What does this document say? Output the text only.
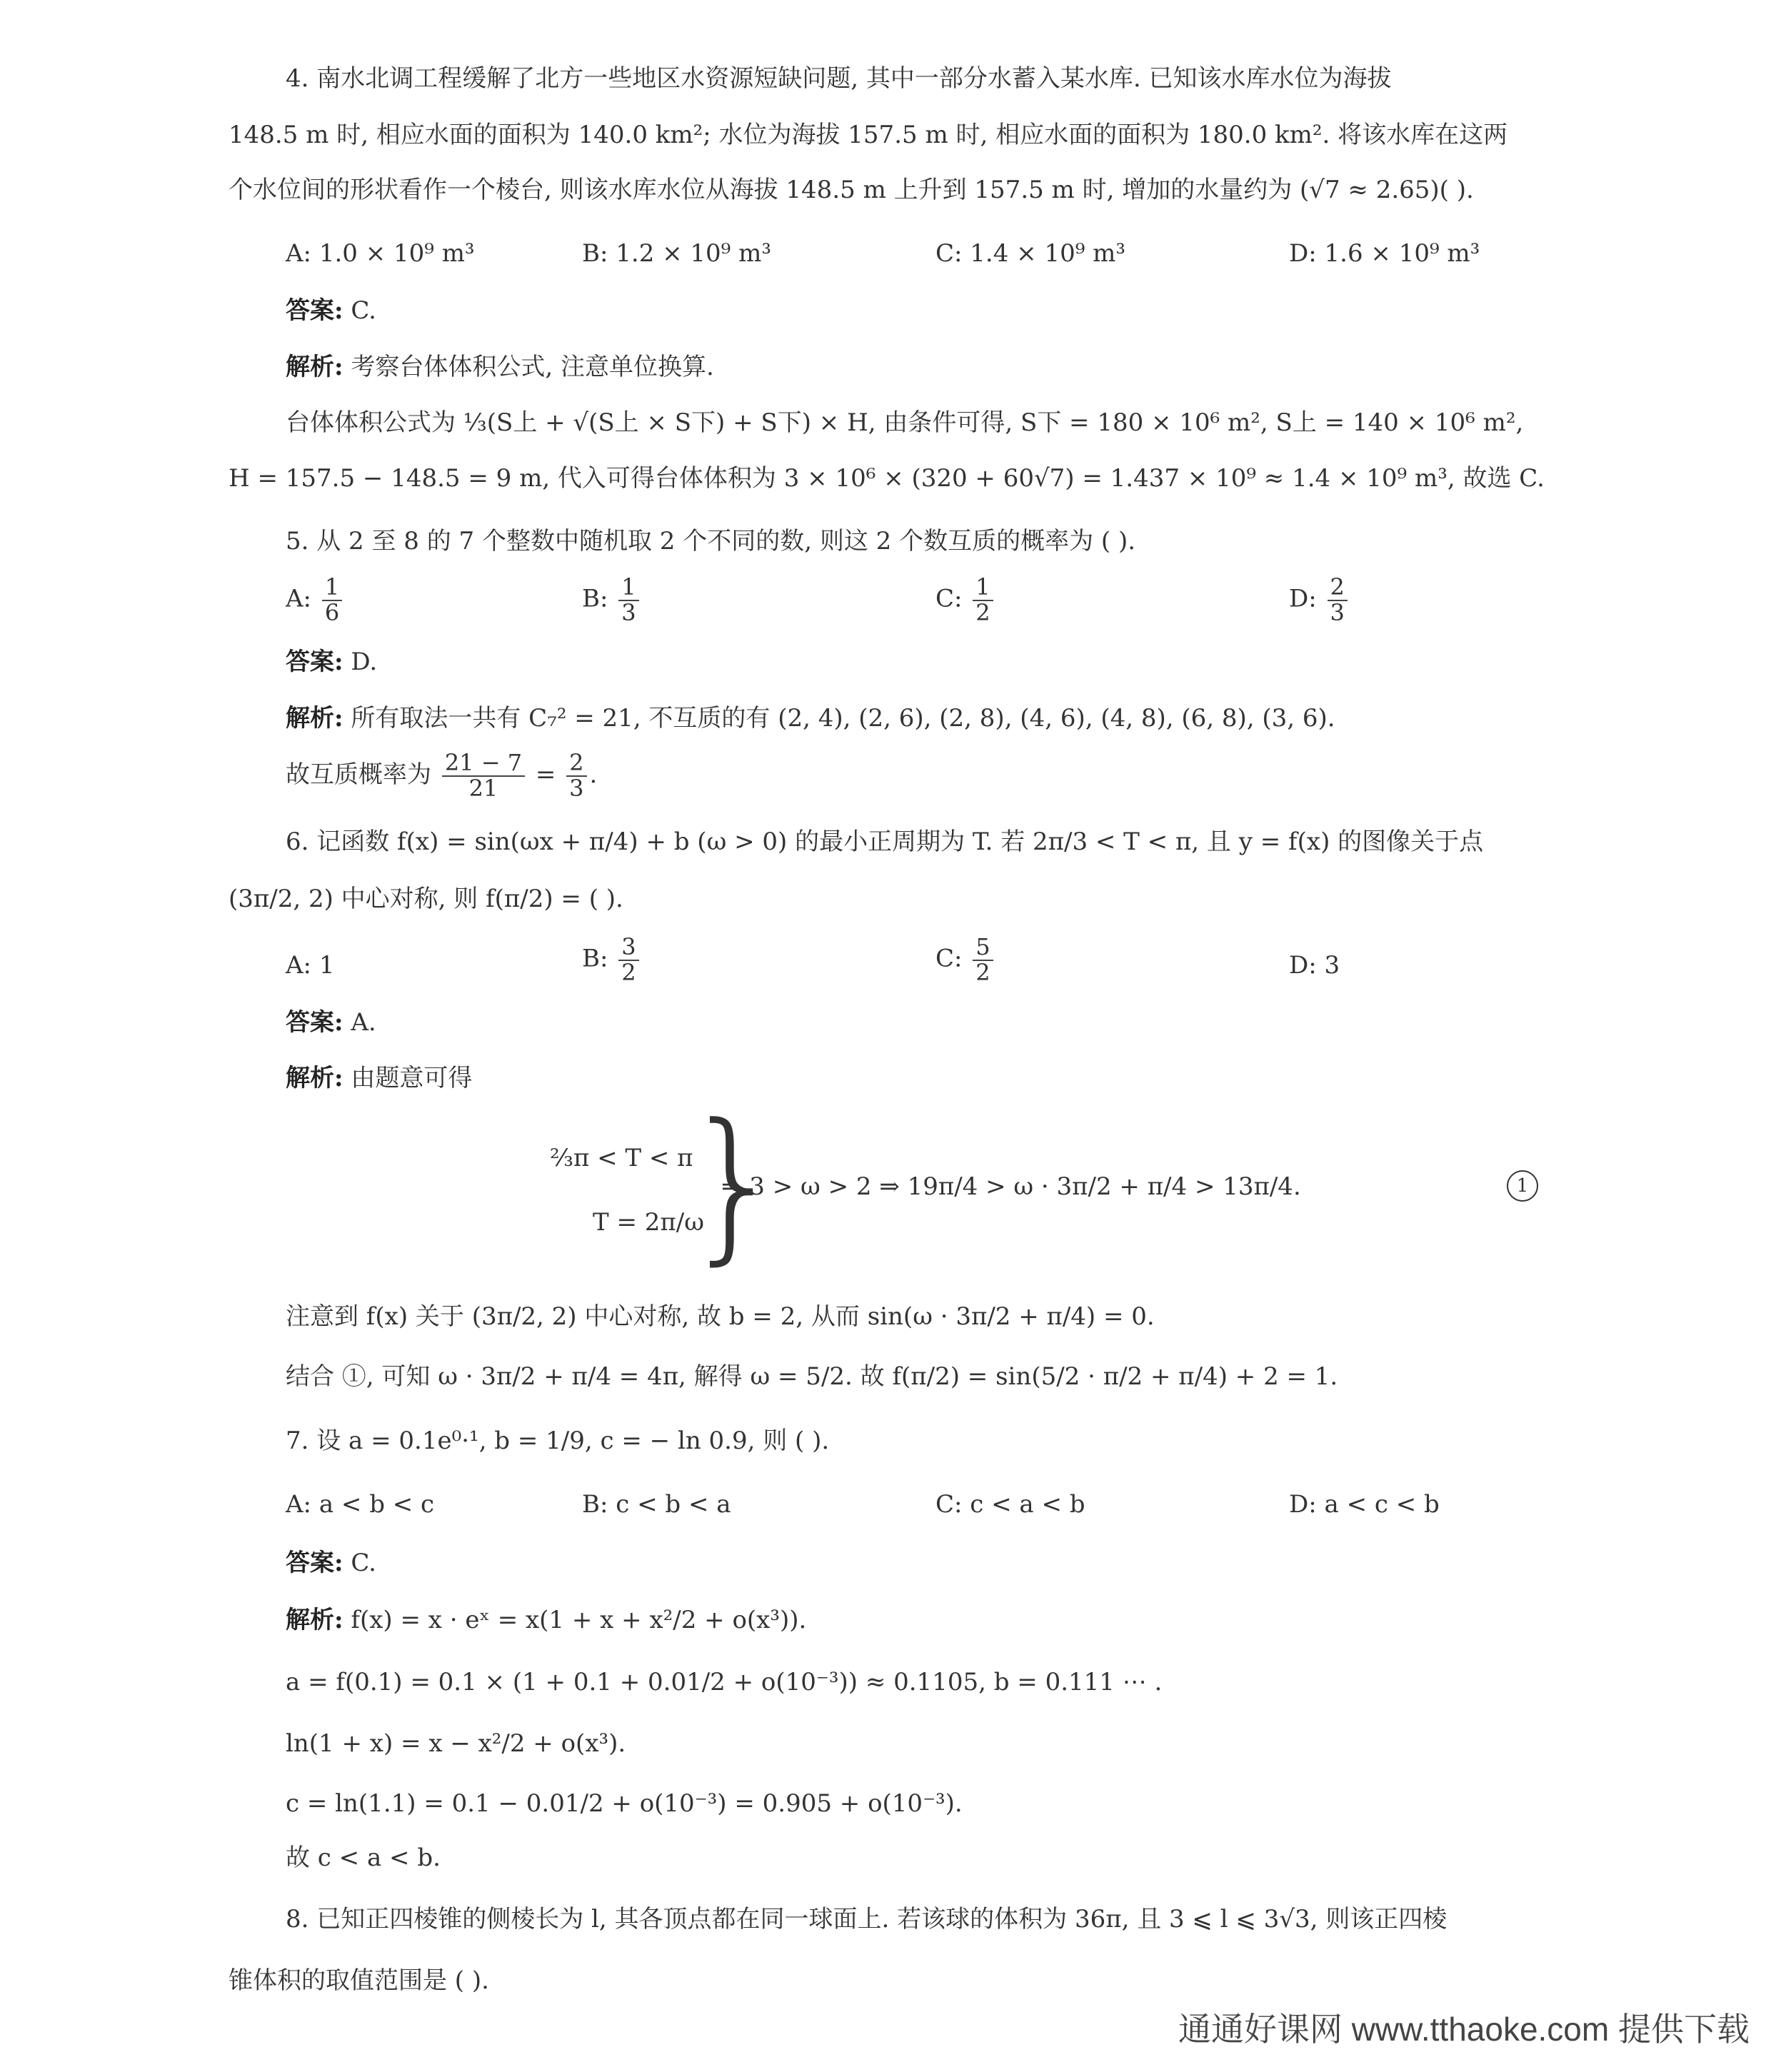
4. 南水北调工程缓解了北方一些地区水资源短缺问题, 其中一部分水蓄入某水库. 已知该水库水位为海拔
148.5 m 时, 相应水面的面积为 140.0 km²; 水位为海拔 157.5 m 时, 相应水面的面积为 180.0 km². 将该水库在这两
个水位间的形状看作一个棱台, 则该水库水位从海拔 148.5 m 上升到 157.5 m 时, 增加的水量约为 (√7 ≈ 2.65)( ).
A: 1.0 × 10⁹ m³	B: 1.2 × 10⁹ m³	C: 1.4 × 10⁹ m³	D: 1.6 × 10⁹ m³
答案: C.
解析: 考察台体体积公式, 注意单位换算.
台体体积公式为 ⅓(S上 + √(S上 × S下) + S下) × H, 由条件可得, S下 = 180 × 10⁶ m², S上 = 140 × 10⁶ m²,
H = 157.5 − 148.5 = 9 m, 代入可得台体体积为 3 × 10⁶ × (320 + 60√7) = 1.437 × 10⁹ ≈ 1.4 × 10⁹ m³, 故选 C.
5. 从 2 至 8 的 7 个整数中随机取 2 个不同的数, 则这 2 个数互质的概率为 ( ).
A: $\frac{1}{6}$	B: $\frac{1}{3}$	C: $\frac{1}{2}$	D: $\frac{2}{3}$
答案: D.
解析: 所有取法一共有 C₇² = 21, 不互质的有 (2, 4), (2, 6), (2, 8), (4, 6), (4, 8), (6, 8), (3, 6).
故互质概率为 $\frac{21 - 7}{21} = \frac{2}{3}$ .
6. 记函数 f(x) = sin(ωx + π/4) + b (ω > 0) 的最小正周期为 T. 若 2π/3 < T < π, 且 y = f(x) 的图像关于点
(3π/2, 2) 中心对称, 则 f(π/2) = ( ).
A: 1	B: $\frac{3}{2}$	C: $\frac{5}{2}$	D: 3
答案: A.
解析: 由题意可得
⅔π < T < π
T = 2π/ω
}
⇒ 3 > ω > 2 ⇒ 19π/4 > ω · 3π/2 + π/4 > 13π/4.	1
注意到 f(x) 关于 (3π/2, 2) 中心对称, 故 b = 2, 从而 sin(ω · 3π/2 + π/4) = 0.
结合 ①, 可知 ω · 3π/2 + π/4 = 4π, 解得 ω = 5/2. 故 f(π/2) = sin(5/2 · π/2 + π/4) + 2 = 1.
7. 设 a = 0.1e⁰·¹, b = 1/9, c = − ln 0.9, 则 ( ).
A: a < b < c	B: c < b < a	C: c < a < b	D: a < c < b
答案: C.
解析: f(x) = x · eˣ = x(1 + x + x²/2 + o(x³)).
a = f(0.1) = 0.1 × (1 + 0.1 + 0.01/2 + o(10⁻³)) ≈ 0.1105, b = 0.111 ⋯ .
ln(1 + x) = x − x²/2 + o(x³).
c = ln(1.1) = 0.1 − 0.01/2 + o(10⁻³) = 0.905 + o(10⁻³).
故 c < a < b.
8. 已知正四棱锥的侧棱长为 l, 其各顶点都在同一球面上. 若该球的体积为 36π, 且 3 ⩽ l ⩽ 3√3, 则该正四棱
锥体积的取值范围是 ( ).
通通好课网 www.tthaoke.com 提供下载
